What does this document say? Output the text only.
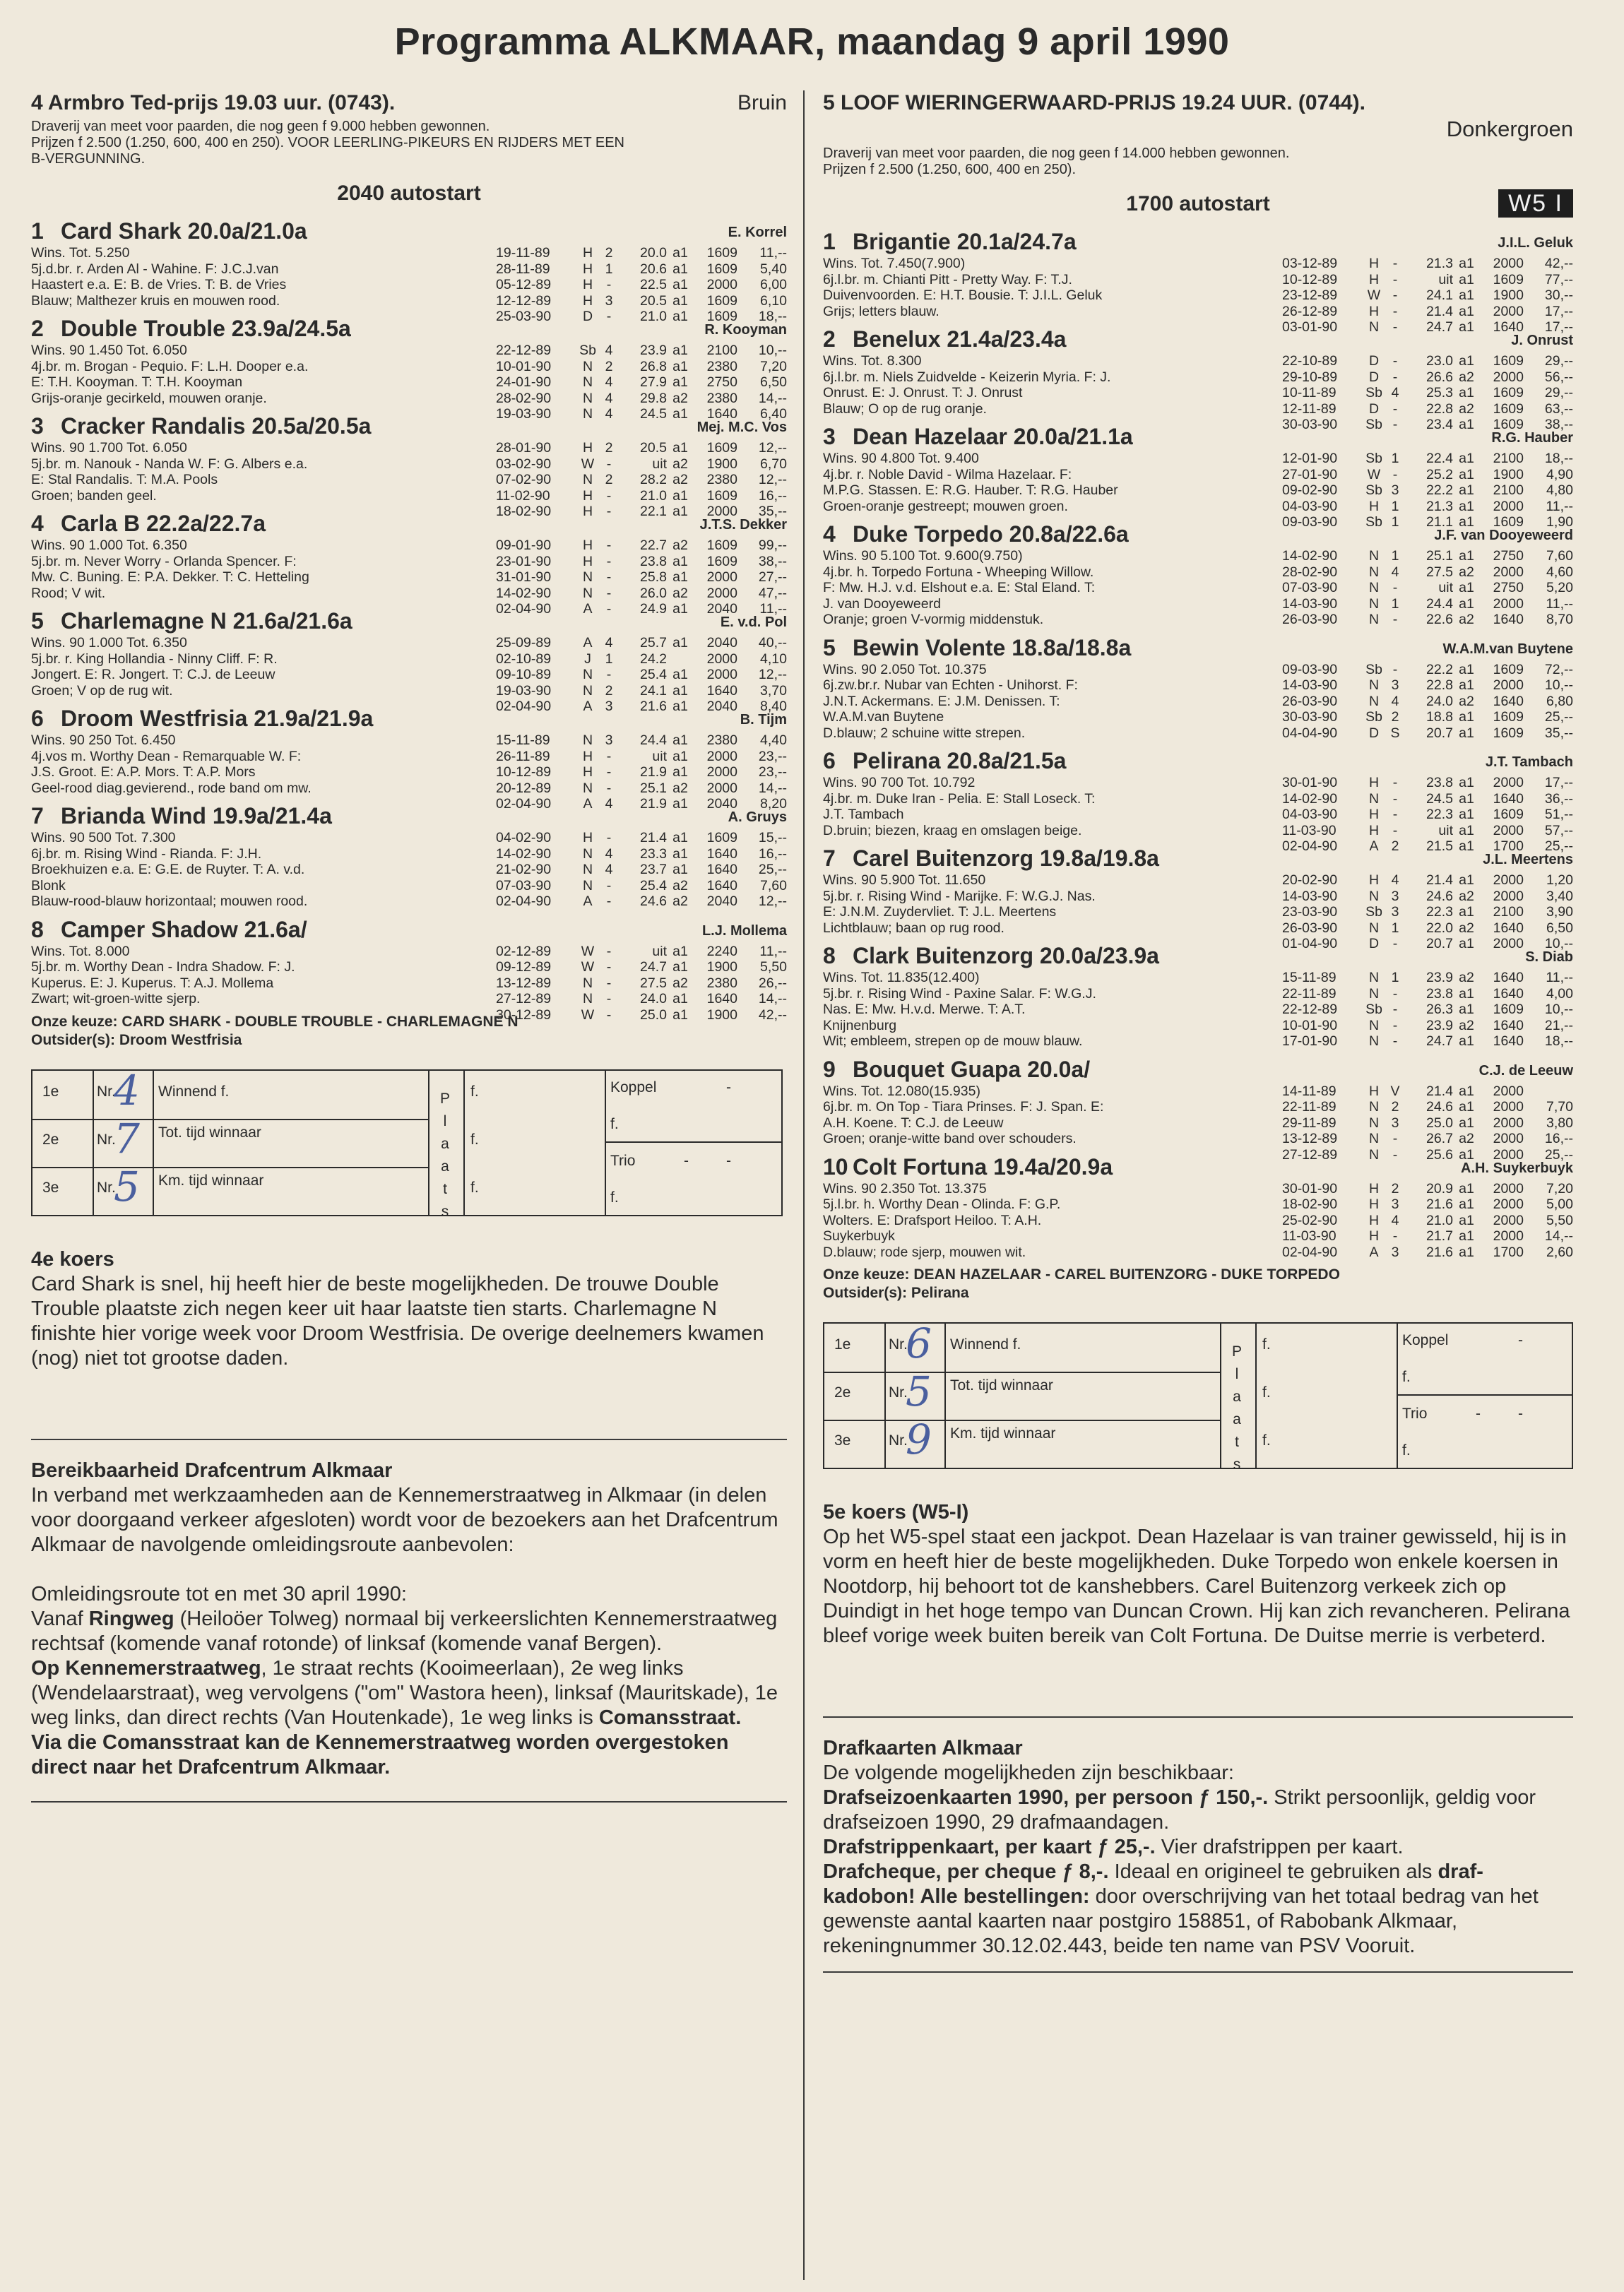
Programma ALKMAAR, maandag 9 april 1990
4 Armbro Ted-prijs 19.03 uur. (0743).	Bruin
Draverij van meet voor paarden, die nog geen f 9.000 hebben gewonnen.
Prijzen f 2.500 (1.250, 600, 400 en 250). VOOR LEERLING-PIKEURS EN RIJDERS MET EEN
B-VERGUNNING.
2040 autostart
1 Card Shark 20.0a/21.0a	E. Korrel
Wins. Tot. 5.250
5j.d.br. r. Arden Al - Wahine. F: J.C.J.van
Haastert e.a. E: B. de Vries. T: B. de Vries
Blauw; Malthezer kruis en mouwen rood.
19-11-89 H 2 20.0 a1 1609 11,--
28-11-89 H 1 20.6 a1 1609 5,40
05-12-89 H - 22.5 a1 2000 6,00
12-12-89 H 3 20.5 a1 1609 6,10
25-03-90 D - 21.0 a1 1609 18,--
2 Double Trouble 23.9a/24.5a	R. Kooyman
Wins. 90 1.450 Tot. 6.050
4j.br. m. Brogan - Pequio. F: L.H. Dooper e.a.
E: T.H. Kooyman. T: T.H. Kooyman
Grijs-oranje gecirkeld, mouwen oranje.
22-12-89 Sb 4 23.9 a1 2100 10,--
10-01-90 N 2 26.8 a1 2380 7,20
24-01-90 N 4 27.9 a1 2750 6,50
28-02-90 N 4 29.8 a2 2380 14,--
19-03-90 N 4 24.5 a1 1640 6,40
3 Cracker Randalis 20.5a/20.5a	Mej. M.C. Vos
Wins. 90 1.700 Tot. 6.050
5j.br. m. Nanouk - Nanda W. F: G. Albers e.a.
E: Stal Randalis. T: M.A. Pools
Groen; banden geel.
28-01-90 H 2 20.5 a1 1609 12,--
03-02-90 W -	uit a2 1900 6,70
07-02-90 N 2 28.2 a2 2380 12,--
11-02-90 H - 21.0 a1 1609 16,--
18-02-90 H - 22.1 a1 2000 35,--
4 Carla B 22.2a/22.7a	J.T.S. Dekker
Wins. 90 1.000 Tot. 6.350
5j.br. m. Never Worry - Orlanda Spencer. F:
Mw. C. Buning. E: P.A. Dekker. T: C. Hetteling
Rood; V wit.
09-01-90 H - 22.7 a2 1609 99,--
23-01-90 H - 23.8 a1 1609 38,--
31-01-90 N - 25.8 a1 2000 27,--
14-02-90 N - 26.0 a2 2000 47,--
02-04-90 A - 24.9 a1 2040 11,--
5 Charlemagne N 21.6a/21.6a	E. v.d. Pol
Wins. 90 1.000 Tot. 6.350
5j.br. r. King Hollandia - Ninny Cliff. F: R.
Jongert. E: R. Jongert. T: C.J. de Leeuw
Groen; V op de rug wit.
25-09-89 A 4 25.7 a1 2040 40,--
02-10-89 J 1 24.2	2000 4,10
09-10-89 N - 25.4 a1 2000 12,--
19-03-90 N 2 24.1 a1 1640 3,70
02-04-90 A 3 21.6 a1 2040 8,40
6 Droom Westfrisia 21.9a/21.9a	B. Tijm
Wins. 90 250 Tot. 6.450
4j.vos m. Worthy Dean - Remarquable W. F:
J.S. Groot. E: A.P. Mors. T: A.P. Mors
Geel-rood diag.gevierend., rode band om mw.
15-11-89 N 3 24.4 a1 2380 4,40
26-11-89 H -	uit a1 2000 23,--
10-12-89 H - 21.9 a1 2000 23,--
20-12-89 N - 25.1 a2 2000 14,--
02-04-90 A 4 21.9 a1 2040 8,20
7 Brianda Wind 19.9a/21.4a	A. Gruys
Wins. 90 500 Tot. 7.300
6j.br. m. Rising Wind - Rianda. F: J.H.
Broekhuizen e.a. E: G.E. de Ruyter. T: A. v.d.
Blonk
Blauw-rood-blauw horizontaal; mouwen rood.
04-02-90 H - 21.4 a1 1609 15,--
14-02-90 N 4 23.3 a1 1640 16,--
21-02-90 N 4 23.7 a1 1640 25,--
07-03-90 N - 25.4 a2 1640 7,60
02-04-90 A - 24.6 a2 2040 12,--
8 Camper Shadow 21.6a/	L.J. Mollema
Wins. Tot. 8.000
5j.br. m. Worthy Dean - Indra Shadow. F: J.
Kuperus. E: J. Kuperus. T: A.J. Mollema
Zwart; wit-groen-witte sjerp.
02-12-89 W -	uit a1 2240 11,--
09-12-89 W - 24.7 a1 1900 5,50
13-12-89 N - 27.5 a2 2380 26,--
27-12-89 N - 24.0 a1 1640 14,--
30-12-89 W - 25.0 a1 1900 42,--
Onze keuze: CARD SHARK - DOUBLE TROUBLE - CHARLEMAGNE N
Outsider(s): Droom Westfrisia
1e	Nr.
4 Winnend f.
2e	Nr.
7 Tot. tijd winnaar
3e	Nr.
5 Km. tijd winnaar
P
l
a
a
t
s
f.
f.
f.
Koppel	-
f.
Trio	-	-
f.
4e koers
Card Shark is snel, hij heeft hier de beste mogelijkheden. De trouwe Double Trouble plaatste zich negen keer uit haar laatste tien starts. Charlemagne N finishte hier vorige week voor Droom Westfrisia. De overige deelnemers kwamen (nog) niet tot grootse daden.
Bereikbaarheid Drafcentrum Alkmaar
In verband met werkzaamheden aan de Kennemerstraatweg in Alkmaar (in delen voor doorgaand verkeer afgesloten) wordt voor de bezoekers aan het Drafcentrum Alkmaar de navolgende omleidingsroute aanbevolen:
Omleidingsroute tot en met 30 april 1990:
Vanaf Ringweg (Heiloöer Tolweg) normaal bij verkeerslichten Kennemerstraatweg rechtsaf (komende vanaf rotonde) of linksaf (komende vanaf Bergen).
Op Kennemerstraatweg, 1e straat rechts (Kooimeerlaan), 2e weg links (Wendelaarstraat), weg vervolgens ("om" Wastora heen), linksaf (Mauritskade), 1e weg links, dan direct rechts (Van Houtenkade), 1e weg links is Comansstraat.
Via die Comansstraat kan de Kennemerstraatweg worden overgestoken direct naar het Drafcentrum Alkmaar.
5 LOOF WIERINGERWAARD-PRIJS 19.24 UUR. (0744).
Donkergroen
Draverij van meet voor paarden, die nog geen f 14.000 hebben gewonnen.
Prijzen f 2.500 (1.250, 600, 400 en 250).
1700 autostart	W5 I
1 Brigantie 20.1a/24.7a	J.I.L. Geluk
Wins. Tot. 7.450(7.900)
6j.l.br. m. Chianti Pitt - Pretty Way. F: T.J.
Duivenvoorden. E: H.T. Bousie. T: J.I.L. Geluk
Grijs; letters blauw.
03-12-89 H - 21.3 a1 2000 42,--
10-12-89 H -	uit a1 1609 77,--
23-12-89 W - 24.1 a1 1900 30,--
26-12-89 H - 21.4 a1 2000 17,--
03-01-90 N - 24.7 a1 1640 17,--
2 Benelux 21.4a/23.4a	J. Onrust
Wins. Tot. 8.300
6j.l.br. m. Niels Zuidvelde - Keizerin Myria. F: J.
Onrust. E: J. Onrust. T: J. Onrust
Blauw; O op de rug oranje.
22-10-89 D - 23.0 a1 1609 29,--
29-10-89 D - 26.6 a2 2000 56,--
10-11-89 Sb 4 25.3 a1 1609 29,--
12-11-89 D - 22.8 a2 1609 63,--
30-03-90 Sb - 23.4 a1 1609 38,--
3 Dean Hazelaar 20.0a/21.1a	R.G. Hauber
Wins. 90 4.800 Tot. 9.400
4j.br. r. Noble David - Wilma Hazelaar. F:
M.P.G. Stassen. E: R.G. Hauber. T: R.G. Hauber
Groen-oranje gestreept; mouwen groen.
12-01-90 Sb 1 22.4 a1 2100 18,--
27-01-90 W - 25.2 a1 1900 4,90
09-02-90 Sb 3 22.2 a1 2100 4,80
04-03-90 H 1 21.3 a1 2000 11,--
09-03-90 Sb 1 21.1 a1 1609 1,90
4 Duke Torpedo 20.8a/22.6a	J.F. van Dooyeweerd
Wins. 90 5.100 Tot. 9.600(9.750)
4j.br. h. Torpedo Fortuna - Wheeping Willow.
F: Mw. H.J. v.d. Elshout e.a. E: Stal Eland. T:
J. van Dooyeweerd
Oranje; groen V-vormig middenstuk.
14-02-90 N 1 25.1 a1 2750 7,60
28-02-90 N 4 27.5 a2 2000 4,60
07-03-90 N -	uit a1 2750 5,20
14-03-90 N 1 24.4 a1 2000 11,--
26-03-90 N - 22.6 a2 1640 8,70
5 Bewin Volente 18.8a/18.8a	W.A.M.van Buytene
Wins. 90 2.050 Tot. 10.375
6j.zw.br.r. Nubar van Echten - Unihorst. F:
J.N.T. Ackermans. E: J.M. Denissen. T:
W.A.M.van Buytene
D.blauw; 2 schuine witte strepen.
09-03-90 Sb - 22.2 a1 1609 72,--
14-03-90 N 3 22.8 a1 2000 10,--
26-03-90 N 4 24.0 a2 1640 6,80
30-03-90 Sb 2 18.8 a1 1609 25,--
04-04-90 D S 20.7 a1 1609 35,--
6 Pelirana 20.8a/21.5a	J.T. Tambach
Wins. 90 700 Tot. 10.792
4j.br. m. Duke Iran - Pelia. E: Stall Loseck. T:
J.T. Tambach
D.bruin; biezen, kraag en omslagen beige.
30-01-90 H - 23.8 a1 2000 17,--
14-02-90 N - 24.5 a1 1640 36,--
04-03-90 H - 22.3 a1 1609 51,--
11-03-90 H -	uit a1 2000 57,--
02-04-90 A 2 21.5 a1 1700 25,--
7 Carel Buitenzorg 19.8a/19.8a	J.L. Meertens
Wins. 90 5.900 Tot. 11.650
5j.br. r. Rising Wind - Marijke. F: W.G.J. Nas.
E: J.N.M. Zuydervliet. T: J.L. Meertens
Lichtblauw; baan op rug rood.
20-02-90 H 4 21.4 a1 2000 1,20
14-03-90 N 3 24.6 a2 2000 3,40
23-03-90 Sb 3 22.3 a1 2100 3,90
26-03-90 N 1 22.0 a2 1640 6,50
01-04-90 D - 20.7 a1 2000 10,--
8 Clark Buitenzorg 20.0a/23.9a	S. Diab
Wins. Tot. 11.835(12.400)
5j.br. r. Rising Wind - Paxine Salar. F: W.G.J.
Nas. E: Mw. H.v.d. Merwe. T: A.T.
Knijnenburg
Wit; embleem, strepen op de mouw blauw.
15-11-89 N 1 23.9 a2 1640 11,--
22-11-89 N - 23.8 a1 1640 4,00
22-12-89 Sb - 26.3 a1 1609 10,--
10-01-90 N - 23.9 a2 1640 21,--
17-01-90 N - 24.7 a1 1640 18,--
9 Bouquet Guapa 20.0a/	C.J. de Leeuw
Wins. Tot. 12.080(15.935)
6j.br. m. On Top - Tiara Prinses. F: J. Span. E:
A.H. Koene. T: C.J. de Leeuw
Groen; oranje-witte band over schouders.
14-11-89 H V 21.4 a1 2000
22-11-89 N 2 24.6 a1 2000 7,70
29-11-89 N 3 25.0 a1 2000 3,80
13-12-89 N - 26.7 a2 2000 16,--
27-12-89 N - 25.6 a1 2000 25,--
10 Colt Fortuna 19.4a/20.9a	A.H. Suykerbuyk
Wins. 90 2.350 Tot. 13.375
5j.l.br. h. Worthy Dean - Olinda. F: G.P.
Wolters. E: Drafsport Heiloo. T: A.H.
Suykerbuyk
D.blauw; rode sjerp, mouwen wit.
30-01-90 H 2 20.9 a1 2000 7,20
18-02-90 H 3 21.6 a1 2000 5,00
25-02-90 H 4 21.0 a1 2000 5,50
11-03-90 H - 21.7 a1 2000 14,--
02-04-90 A 3 21.6 a1 1700 2,60
Onze keuze: DEAN HAZELAAR - CAREL BUITENZORG - DUKE TORPEDO
Outsider(s): Pelirana
1e	Nr.
6 Winnend f.
2e	Nr.
5 Tot. tijd winnaar
3e	Nr.
9 Km. tijd winnaar
P
l
a
a
t
s
f.
f.
f.
Koppel	-
f.
Trio	-	-
f.
5e koers (W5-I)
Op het W5-spel staat een jackpot. Dean Hazelaar is van trainer gewisseld, hij is in vorm en heeft hier de beste mogelijkheden. Duke Torpedo won enkele koersen in Nootdorp, hij behoort tot de kanshebbers. Carel Buitenzorg verkeek zich op Duindigt in het hoge tempo van Duncan Crown. Hij kan zich revancheren. Pelirana bleef vorige week buiten bereik van Colt Fortuna. De Duitse merrie is verbeterd.
Drafkaarten Alkmaar
De volgende mogelijkheden zijn beschikbaar:
Drafseizoenkaarten 1990, per persoon ƒ 150,-. Strikt persoonlijk, geldig voor drafseizoen 1990, 29 drafmaandagen.
Drafstrippenkaart, per kaart ƒ 25,-. Vier drafstrippen per kaart.
Drafcheque, per cheque ƒ 8,-. Ideaal en origineel te gebruiken als draf-kadobon! Alle bestellingen: door overschrijving van het totaal bedrag van het gewenste aantal kaarten naar postgiro 158851, of Rabobank Alkmaar, rekeningnummer 30.12.02.443, beide ten name van PSV Vooruit.
